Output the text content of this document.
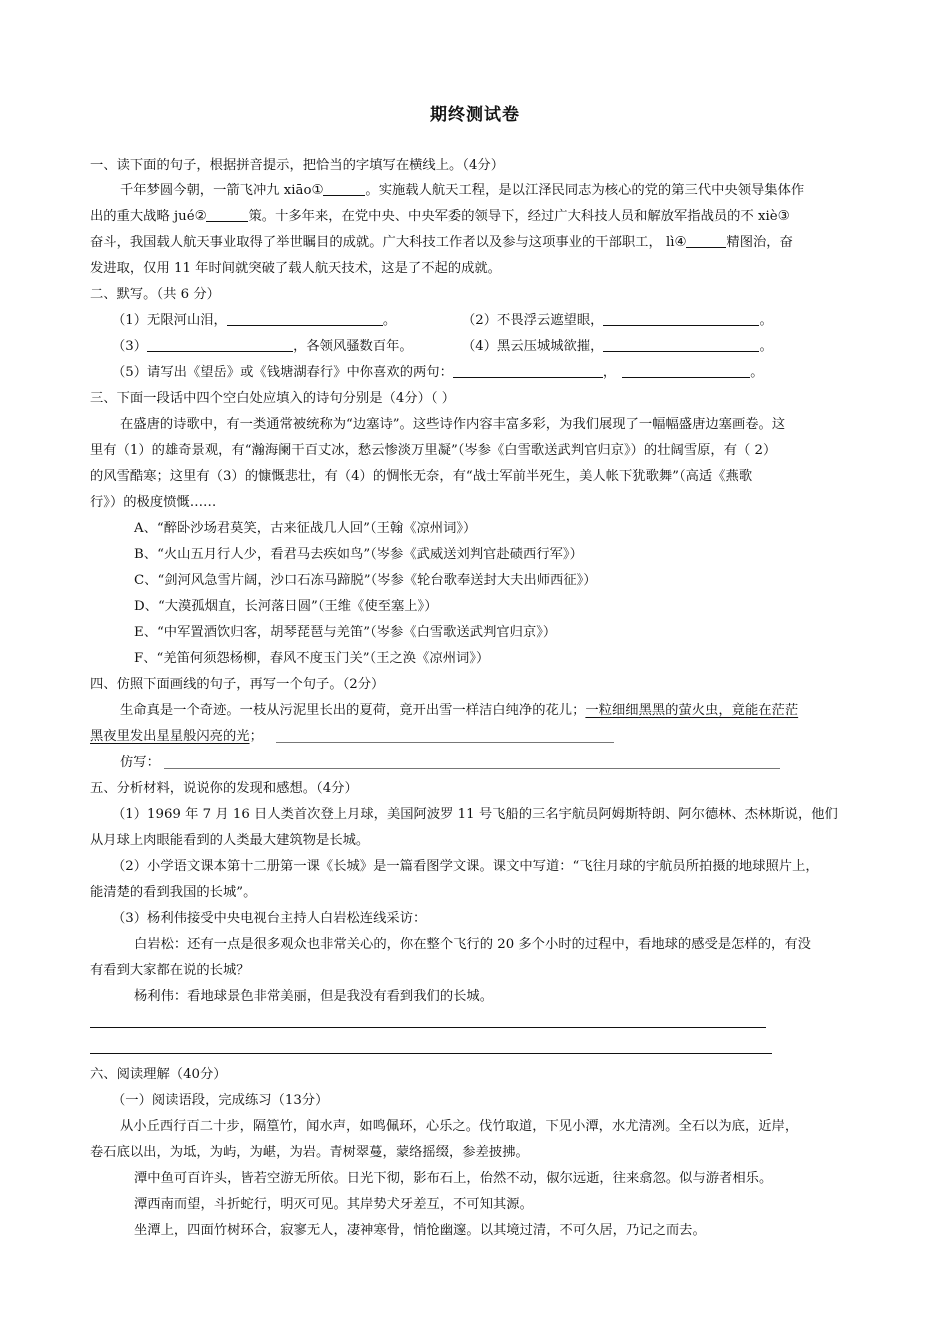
期终测试卷
一、读下面的句子，根据拼音提示，把恰当的字填写在横线上。（4分）
千年梦圆今朝，一箭飞冲九 xiāo①	。实施载人航天工程，是以江泽民同志为核心的党的第三代中央领导集体作
出的重大战略 jué②	策。十多年来，在党中央、中央军委的领导下，经过广大科技人员和解放军指战员的不 xiè③
奋斗，我国载人航天事业取得了举世瞩目的成就。广大科技工作者以及参与这项事业的干部职工， lì④	精图治，奋
发进取，仅用 11 年时间就突破了载人航天技术，这是了不起的成就。
二、默写。（共 6 分）
（1）无限河山泪，	。	（2）不畏浮云遮望眼，	。
（3）	，各领风骚数百年。	（4）黑云压城城欲摧，	。
（5）请写出《望岳》或《钱塘湖春行》中你喜欢的两句：	，	。
三、下面一段话中四个空白处应填入的诗句分别是（4分）（ ）
在盛唐的诗歌中，有一类通常被统称为“边塞诗”。这些诗作内容丰富多彩，为我们展现了一幅幅盛唐边塞画卷。这
里有（1）的雄奇景观，有“瀚海阑干百丈冰，愁云惨淡万里凝”（岑参《白雪歌送武判官归京》）的壮阔雪原，有（ 2）
的风雪酷寒；这里有（3）的慷慨悲壮，有（4）的惆怅无奈，有“战士军前半死生，美人帐下犹歌舞”（高适《燕歌
行》）的极度愤慨……
A、“醉卧沙场君莫笑，古来征战几人回”（王翰《凉州词》）
B、“火山五月行人少，看君马去疾如鸟”（岑参《武威送刘判官赴碛西行军》）
C、“剑河风急雪片阔，沙口石冻马蹄脱”（岑参《轮台歌奉送封大夫出师西征》）
D、“大漠孤烟直，长河落日圆”（王维《使至塞上》）
E、“中军置酒饮归客，胡琴琵琶与羌笛”（岑参《白雪歌送武判官归京》）
F、“羌笛何须怨杨柳，春风不度玉门关”（王之涣《凉州词》）
四、仿照下面画线的句子，再写一个句子。（2分）
生命真是一个奇迹。一枝从污泥里长出的夏荷，竟开出雪一样洁白纯净的花儿；一粒细细黑黑的萤火虫，竟能在茫茫
黑夜里发出星星般闪亮的光；
仿写：
五、分析材料，说说你的发现和感想。（4分）
（1）1969 年 7 月 16 日人类首次登上月球，美国阿波罗 11 号飞船的三名宇航员阿姆斯特朗、阿尔德林、杰林斯说，他们
从月球上肉眼能看到的人类最大建筑物是长城。
（2）小学语文课本第十二册第一课《长城》是一篇看图学文课。课文中写道：“飞往月球的宇航员所拍摄的地球照片上，
能清楚的看到我国的长城”。
（3）杨利伟接受中央电视台主持人白岩松连线采访：
白岩松：还有一点是很多观众也非常关心的，你在整个飞行的 20 多个小时的过程中，看地球的感受是怎样的，有没
有看到大家都在说的长城？
杨利伟：看地球景色非常美丽，但是我没有看到我们的长城。
六、阅读理解（40分）
（一）阅读语段，完成练习（13分）
从小丘西行百二十步，隔篁竹，闻水声，如鸣佩环，心乐之。伐竹取道，下见小潭，水尤清冽。全石以为底，近岸，
卷石底以出，为坻，为屿，为嵁，为岩。青树翠蔓，蒙络摇缀，参差披拂。
潭中鱼可百许头，皆若空游无所依。日光下彻，影布石上，佁然不动，俶尔远逝，往来翕忽。似与游者相乐。
潭西南而望，斗折蛇行，明灭可见。其岸势犬牙差互，不可知其源。
坐潭上，四面竹树环合，寂寥无人，凄神寒骨，悄怆幽邃。以其境过清，不可久居，乃记之而去。
